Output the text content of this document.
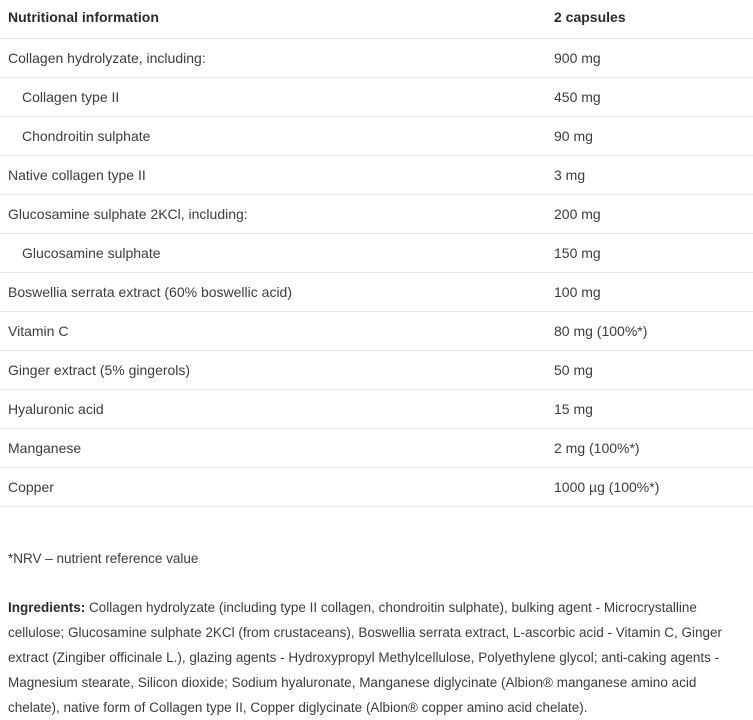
Nutritional information	2 capsules
Collagen hydrolyzate, including:	900 mg
Collagen type II	450 mg
Chondroitin sulphate	90 mg
Native collagen type II	3 mg
Glucosamine sulphate 2KCl, including:	200 mg
Glucosamine sulphate	150 mg
Boswellia serrata extract (60% boswellic acid)	100 mg
Vitamin C	80 mg (100%*)
Ginger extract (5% gingerols)	50 mg
Hyaluronic acid	15 mg
Manganese	2 mg (100%*)
Copper	1000 µg (100%*)
*NRV – nutrient reference value

Ingredients: Collagen hydrolyzate (including type II collagen, chondroitin sulphate), bulking agent - Microcrystalline cellulose; Glucosamine sulphate 2KCl (from crustaceans), Boswellia serrata extract, L-ascorbic acid - Vitamin C, Ginger extract (Zingiber officinale L.), glazing agents - Hydroxypropyl Methylcellulose, Polyethylene glycol; anti-caking agents - Magnesium stearate, Silicon dioxide; Sodium hyaluronate, Manganese diglycinate (Albion® manganese amino acid chelate), native form of Collagen type II, Copper diglycinate (Albion® copper amino acid chelate).
